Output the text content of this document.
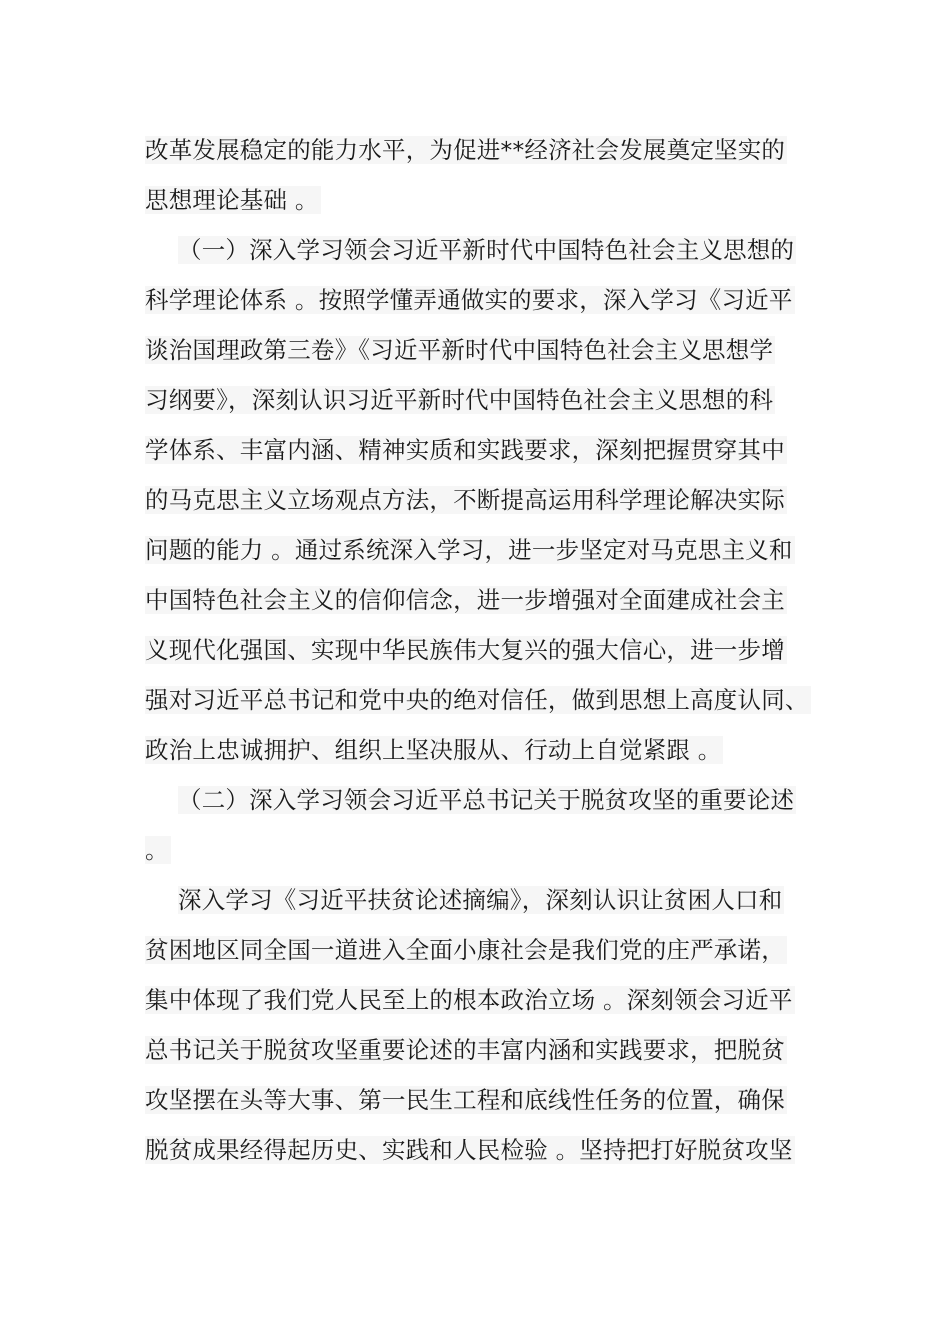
改革发展稳定的能力水平，为促进**经济社会发展奠定坚实的
思想理论基础 。
（一）深入学习领会习近平新时代中国特色社会主义思想的
科学理论体系 。按照学懂弄通做实的要求，深入学习《习近平
谈治国理政第三卷》《习近平新时代中国特色社会主义思想学
习纲要》，深刻认识习近平新时代中国特色社会主义思想的科
学体系、丰富内涵、精神实质和实践要求，深刻把握贯穿其中
的马克思主义立场观点方法，不断提高运用科学理论解决实际
问题的能力 。通过系统深入学习，进一步坚定对马克思主义和
中国特色社会主义的信仰信念，进一步增强对全面建成社会主
义现代化强国、实现中华民族伟大复兴的强大信心，进一步增
强对习近平总书记和党中央的绝对信任，做到思想上高度认同、
政治上忠诚拥护、组织上坚决服从、行动上自觉紧跟 。
（二）深入学习领会习近平总书记关于脱贫攻坚的重要论述
。
深入学习《习近平扶贫论述摘编》，深刻认识让贫困人口和
贫困地区同全国一道进入全面小康社会是我们党的庄严承诺，
集中体现了我们党人民至上的根本政治立场 。深刻领会习近平
总书记关于脱贫攻坚重要论述的丰富内涵和实践要求，把脱贫
攻坚摆在头等大事、第一民生工程和底线性任务的位置，确保
脱贫成果经得起历史、实践和人民检验 。坚持把打好脱贫攻坚
